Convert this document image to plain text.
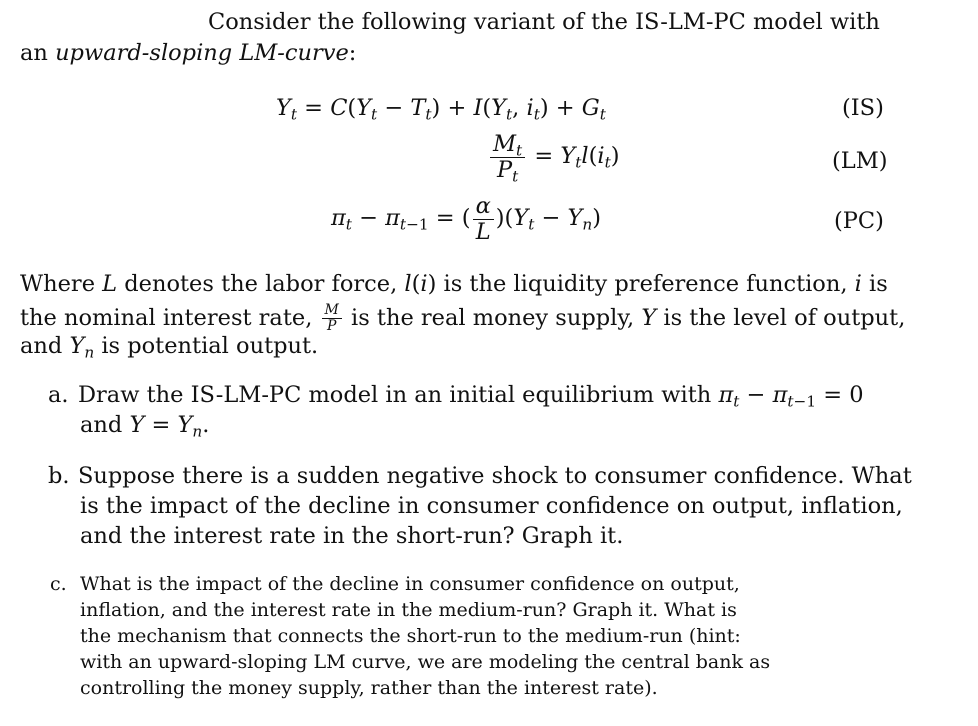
Consider the following variant of the IS-LM-PC model with
an upward-sloping LM-curve:
$Y_t = C(Y_t - T_t) + I(Y_t$, $i_t) + G_t$	(IS)
$\frac{M_t}{P_t} = Y_tl(i_t)$	(LM)
$\pi_t - \pi_{t-1}$ = ( $\frac{\alpha}{L} )(Y_t - Y_n)$	(PC)
Where L denotes the labor force, l(i) is the liquidity preference function, i is
the nominal interest rate, $\frac{M}{P}$ is the real money supply, Y is the level of output,
and $Y_n$ is potential output.
a. Draw the IS-LM-PC model in an initial equilibrium with $\pi_t - \pi_{t-1} = 0$
and $Y = Y_n$.
b. Suppose there is a sudden negative shock to consumer confidence. What
is the impact of the decline in consumer confidence on output, inflation,
and the interest rate in the short-run? Graph it.
c. What is the impact of the decline in consumer confidence on output,
inflation, and the interest rate in the medium-run? Graph it. What is
the mechanism that connects the short-run to the medium-run (hint:
with an upward-sloping LM curve, we are modeling the central bank as
controlling the money supply, rather than the interest rate).
